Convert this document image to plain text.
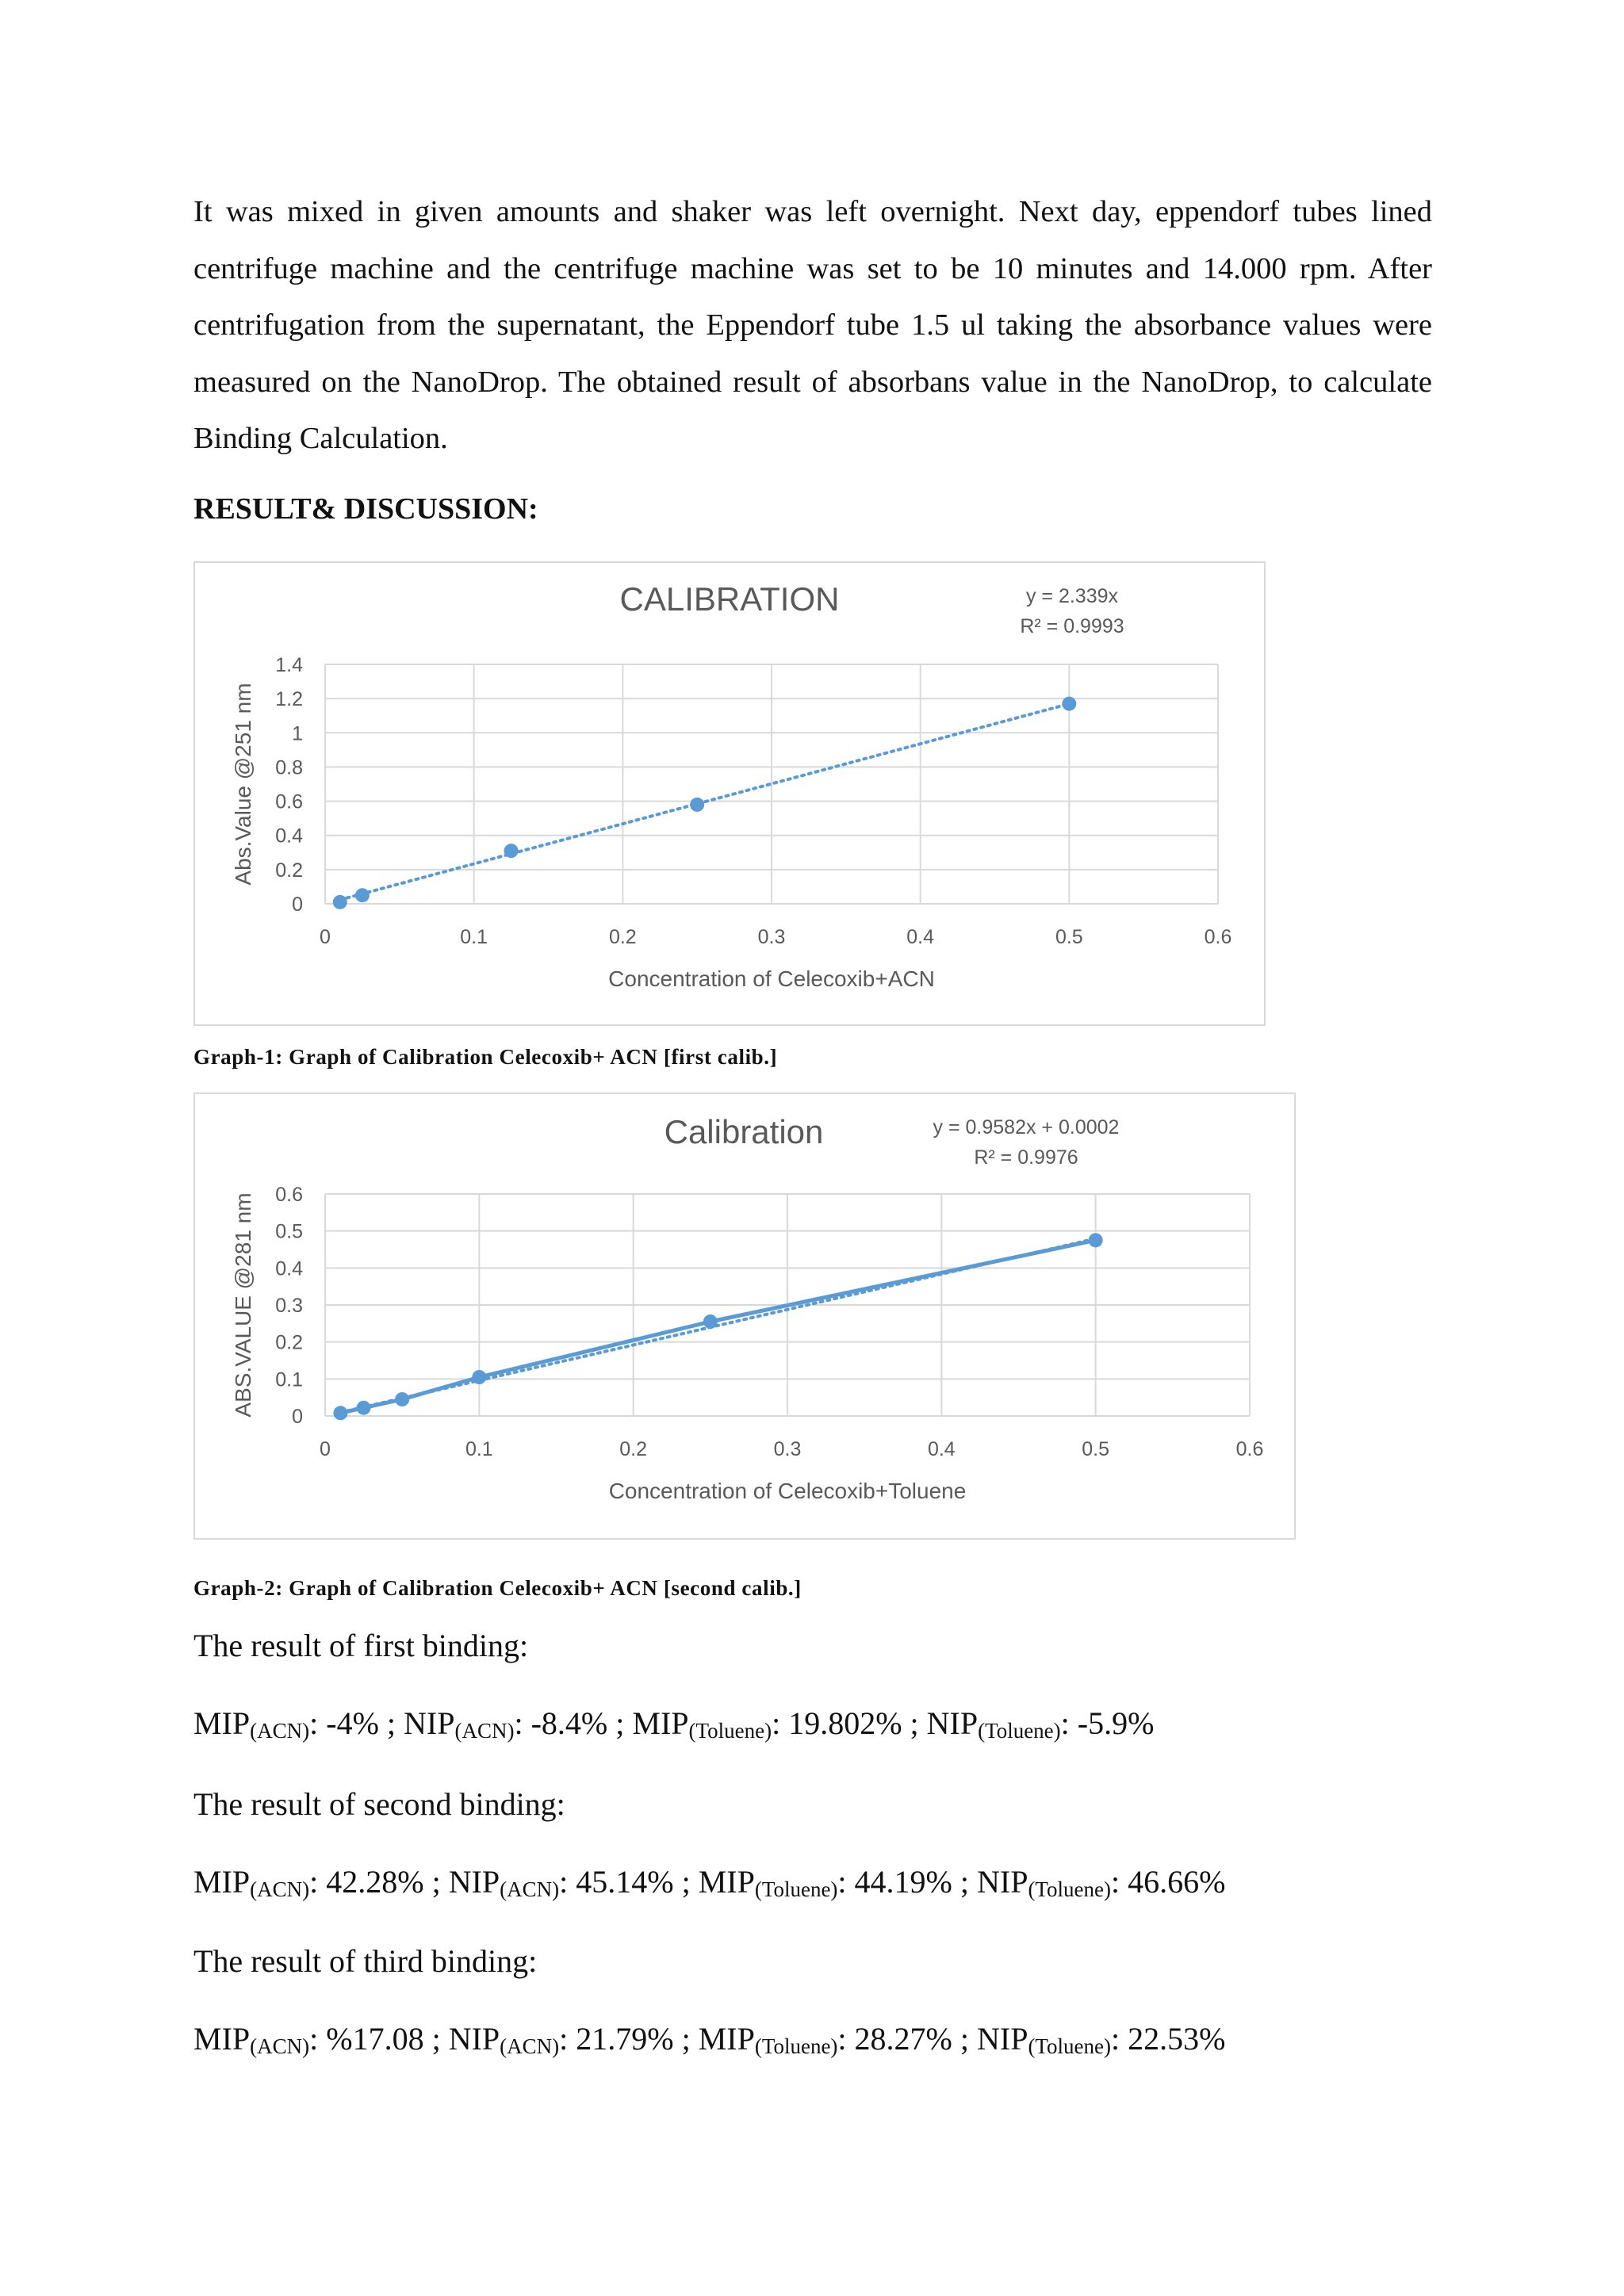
It was mixed in given amounts and shaker was left overnight. Next day, eppendorf tubes lined centrifuge machine and the centrifuge machine was set to be 10 minutes and 14.000 rpm. After centrifugation from the supernatant, the Eppendorf tube 1.5 ul taking the absorbance values were measured on the NanoDrop. The obtained result of absorbans value in the NanoDrop, to calculate Binding Calculation.
RESULT& DISCUSSION:
0
0.2
0.4
0.6
0.8
1
1.2
1.4
0	0.1	0.2	0.3	0.4	0.5	0.6
CALIBRATION	y = 2.339x
R² = 0.9993
Concentration of Celecoxib+ACN
Abs.Value @251 nm
Graph-1: Graph of Calibration Celecoxib+ ACN [first calib.]
0
0.1
0.2
0.3
0.4
0.5
0.6
0	0.1	0.2	0.3	0.4	0.5	0.6
Calibration	y = 0.9582x + 0.0002
R² = 0.9976
Concentration of Celecoxib+Toluene
ABS.VALUE @281 nm
Graph-2: Graph of Calibration Celecoxib+ ACN [second calib.]
The result of first binding:
$MIP_{(ACN)}$: -4% ; $NIP_{(ACN)}$: -8.4% ; $MIP_{(Toluene)}$: 19.802% ; $NIP_{(Toluene)}$: -5.9%
The result of second binding:
$MIP_{(ACN)}$: 42.28% ; $NIP_{(ACN)}$: 45.14% ; $MIP_{(Toluene)}$: 44.19% ; $NIP_{(Toluene)}$: 46.66%
The result of third binding:
$MIP_{(ACN)}$: %17.08 ; $NIP_{(ACN)}$: 21.79% ; $MIP_{(Toluene)}$: 28.27% ; $NIP_{(Toluene)}$: 22.53%
